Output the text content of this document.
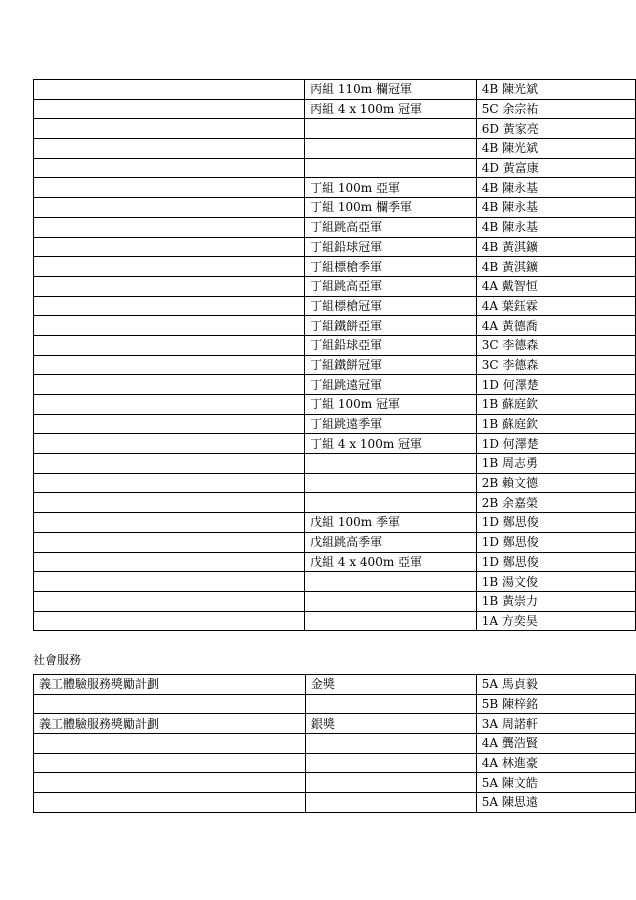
	丙組 110m 欄冠軍	4B 陳光斌
	丙組 4 x 100m 冠軍	5C 余宗祐
		6D 黃家亮
		4B 陳光斌
		4D 黃富康
	丁組 100m 亞軍	4B 陳永基
	丁組 100m 欄季軍	4B 陳永基
	丁組跳高亞軍	4B 陳永基
	丁組鉛球冠軍	4B 黃淇鑛
	丁組標槍季軍	4B 黃淇鑛
	丁組跳高亞軍	4A 戴智恒
	丁組標槍冠軍	4A 葉鈺霖
	丁組鐵餅亞軍	4A 黃德喬
	丁組鉛球亞軍	3C 李德森
	丁組鐵餅冠軍	3C 李德森
	丁組跳遠冠軍	1D 何澤楚
	丁組 100m 冠軍	1B 蘇庭欽
	丁組跳遠季軍	1B 蘇庭欽
	丁組 4 x 100m 冠軍	1D 何澤楚
		1B 周志勇
		2B 賴文德
		2B 余嘉榮
	戊組 100m 季軍	1D 鄭思俊
	戊組跳高季軍	1D 鄭思俊
	戊組 4 x 400m 亞軍	1D 鄭思俊
		1B 湯文俊
		1B 黃崇力
		1A 方奕昊
社會服務
義工體驗服務獎勵計劃	金獎	5A 馬貞毅
		5B 陳梓銘
義工體驗服務獎勵計劃	銀獎	3A 周諾軒
		4A 龔浩賢
		4A 林進豪
		5A 陳文皓
		5A 陳思遠
